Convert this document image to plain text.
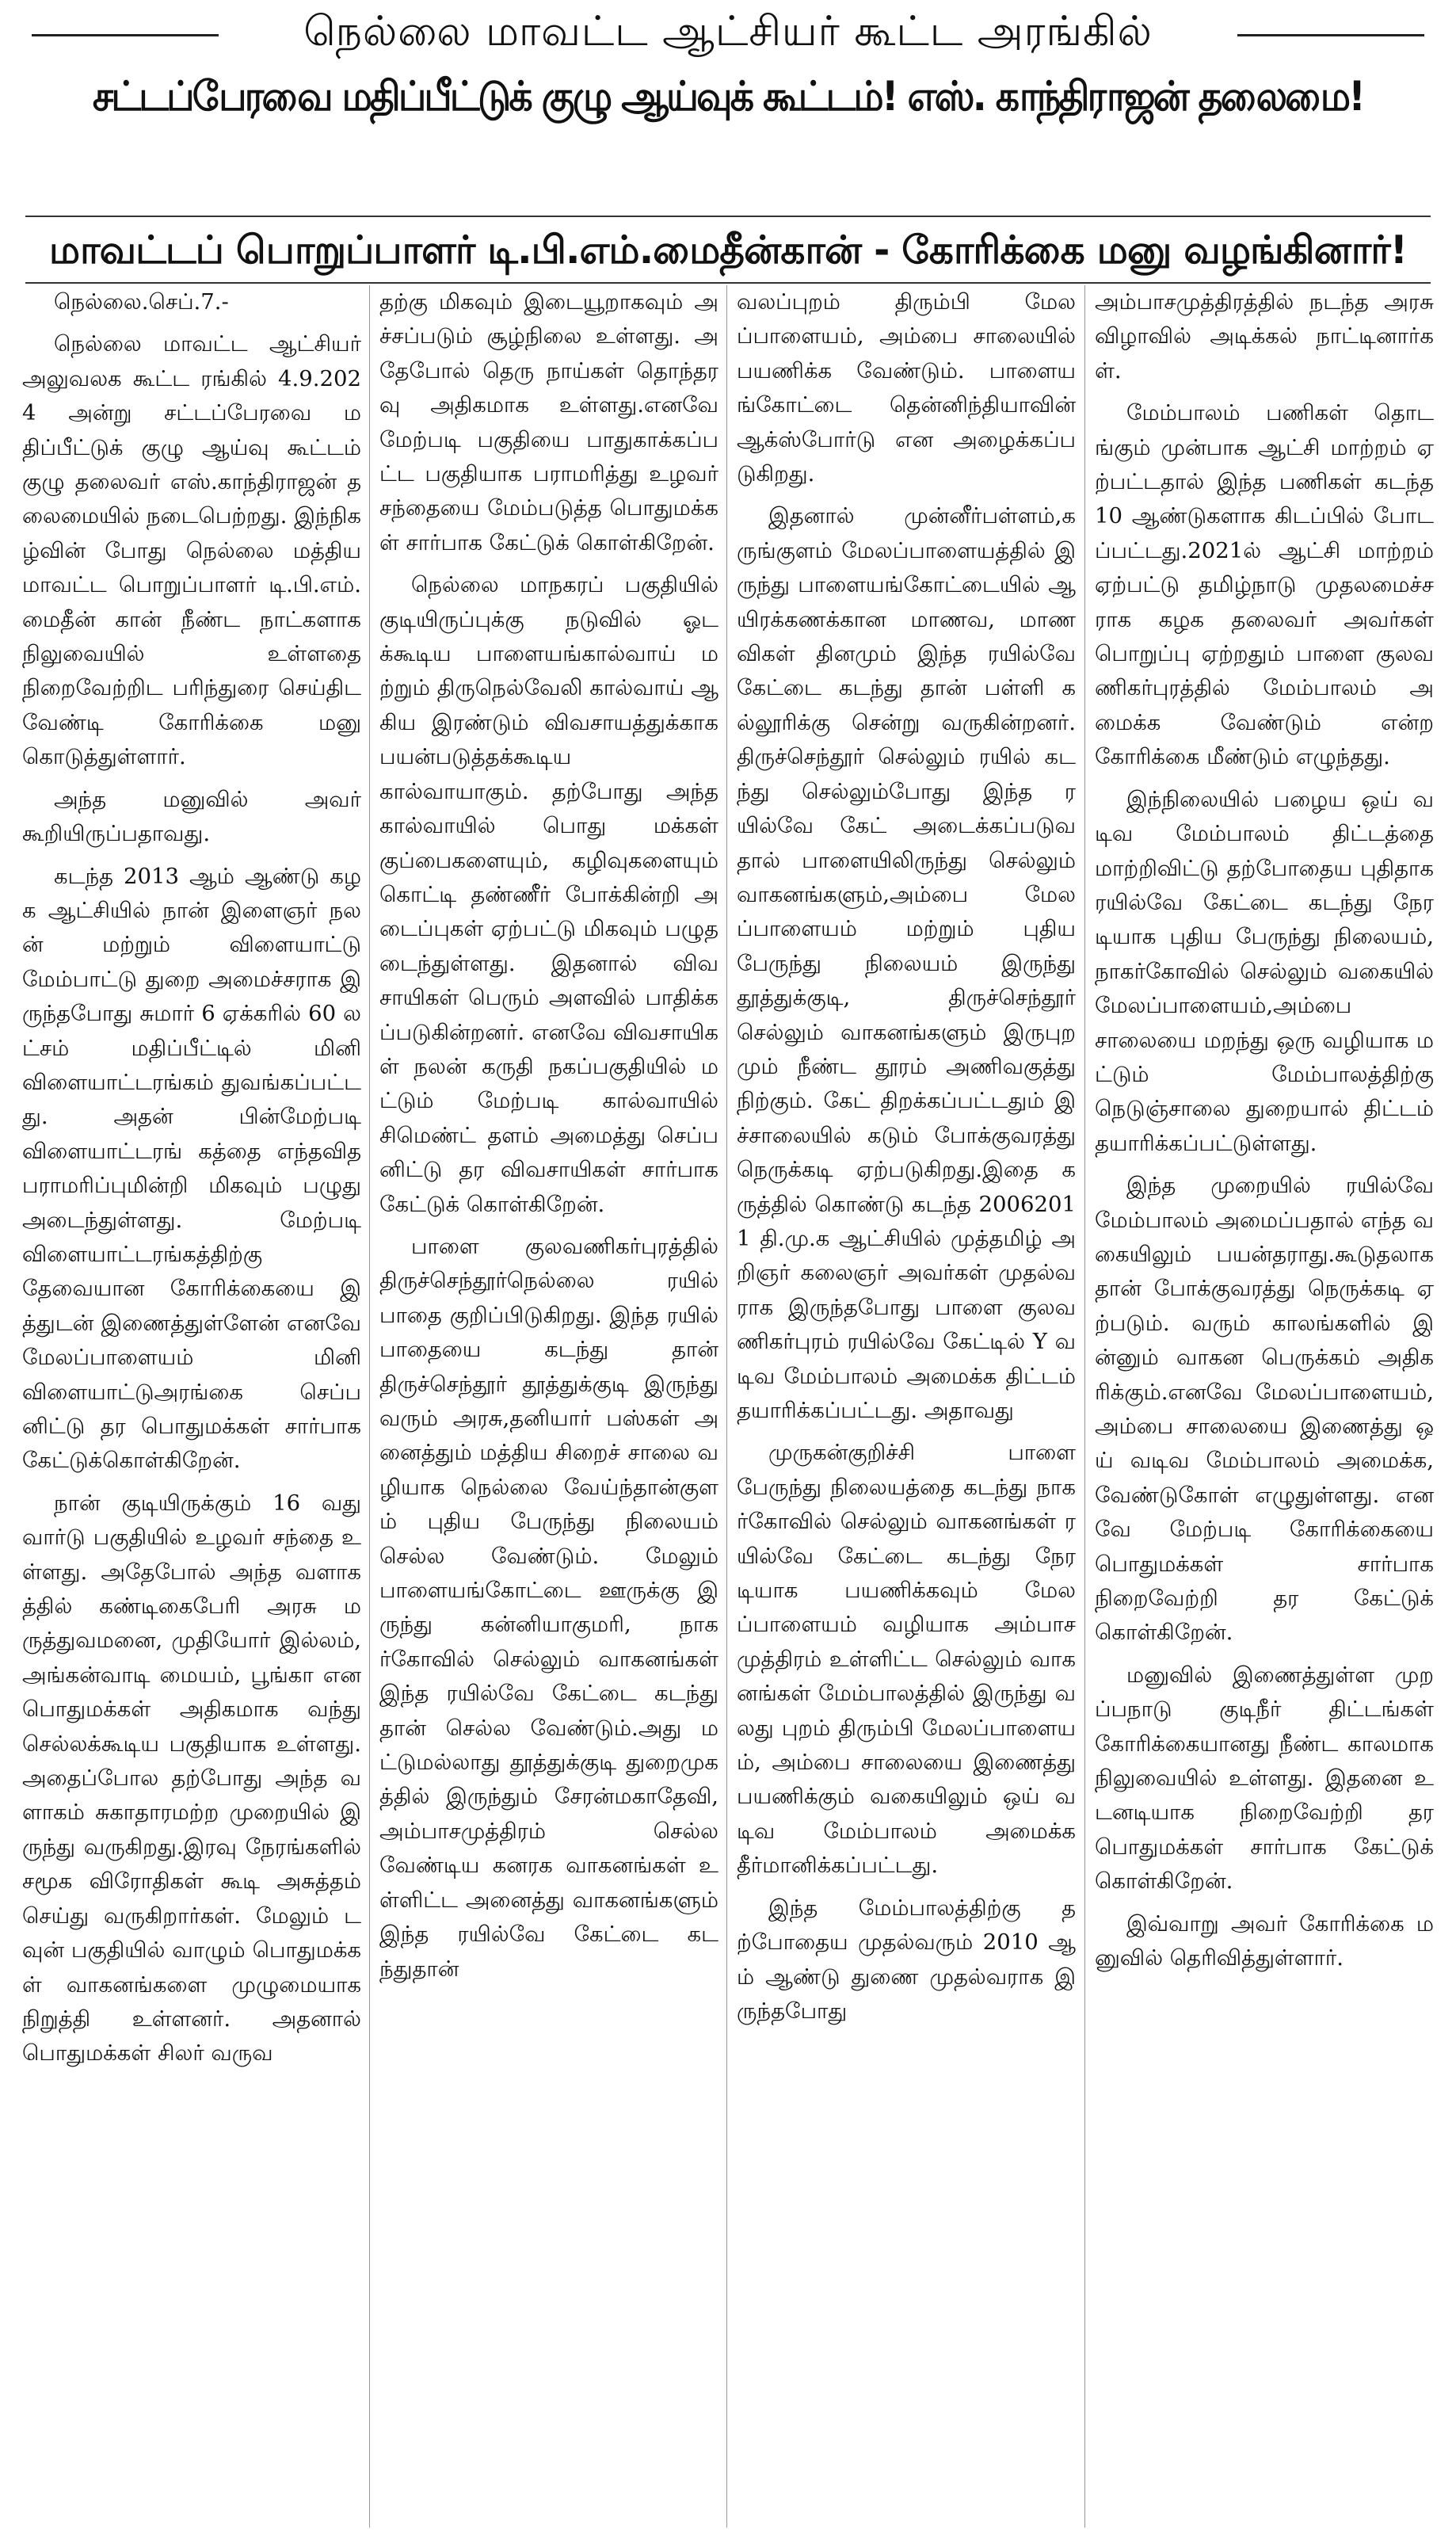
நெல்லை மாவட்ட ஆட்சியர் கூட்ட அரங்கில்
சட்டப்பேரவை மதிப்பீட்டுக் குழு ஆய்வுக் கூட்டம்! எஸ். காந்திராஜன் தலைமை!
மாவட்டப் பொறுப்பாளர் டி.பி.எம்.மைதீன்கான் - கோரிக்கை மனு வழங்கினார்!

நெல்லை.செப்.7.-

நெல்லை மாவட்ட ஆட்சியர் அலுவலக கூட்ட ரங்கில் 4.9.2024 அன்று சட்டப்பேரவை மதிப்பீட்டுக் குழு ஆய்வு கூட்டம் குழு தலைவர் எஸ்.காந்திராஜன் தலைமையில் நடைபெற்றது. இந்நிகழ்வின் போது நெல்லை மத்திய மாவட்ட பொறுப்பாளர் டி.பி.எம். மைதீன் கான் நீண்ட நாட்களாக நிலுவையில் உள்ளதை நிறைவேற்றிட பரிந்துரை செய்திட வேண்டி கோரிக்கை மனு கொடுத்துள்ளார்.

அந்த மனுவில் அவர் கூறியிருப்பதாவது.

கடந்த 2013 ஆம் ஆண்டு கழக ஆட்சியில் நான் இளைஞர் நலன் மற்றும் விளையாட்டு மேம்பாட்டு துறை அமைச்சராக இருந்தபோது சுமார் 6 ஏக்கரில் 60 லட்சம் மதிப்பீட்டில் மினி விளையாட்டரங்கம் துவங்கப்பட்டது. அதன் பின்மேற்படி விளையாட்டரங் கத்தை எந்தவித பராமரிப்புமின்றி மிகவும் பழுது அடைந்துள்ளது. மேற்படி விளையாட்டரங்கத்திற்கு தேவையான கோரிக்கையை இத்துடன் இணைத்துள்ளேன் எனவே மேலப்பாளையம் மினி விளையாட்டுஅரங்கை செப்பனிட்டு தர பொதுமக்கள் சார்பாக கேட்டுக்கொள்கிறேன்.

நான் குடியிருக்கும் 16 வது வார்டு பகுதியில் உழவர் சந்தை உள்ளது. அதேபோல் அந்த வளாகத்தில் கண்டிகைபேரி அரசு மருத்துவமனை, முதியோர் இல்லம்,அங்கன்வாடி மையம், பூங்கா என பொதுமக்கள் அதிகமாக வந்து செல்லக்கூடிய பகுதியாக உள்ளது. அதைப்போல தற்போது அந்த வளாகம் சுகாதாரமற்ற முறையில் இருந்து வருகிறது.இரவு நேரங்களில் சமூக விரோதிகள் கூடி அசுத்தம் செய்து வருகிறார்கள். மேலும் டவுன் பகுதியில் வாழும் பொதுமக்கள் வாகனங்களை முழுமையாக நிறுத்தி உள்ளனர். அதனால் பொதுமக்கள் சிலர் வருவ

தற்கு மிகவும் இடையூறாகவும் அச்சப்படும் சூழ்நிலை உள்ளது. அதேபோல் தெரு நாய்கள் தொந்தரவு அதிகமாக உள்ளது.எனவே மேற்படி பகுதியை பாதுகாக்கப்பட்ட பகுதியாக பராமரித்து உழவர் சந்தையை மேம்படுத்த பொதுமக்கள் சார்பாக கேட்டுக் கொள்கிறேன்.

நெல்லை மாநகரப் பகுதியில் குடியிருப்புக்கு நடுவில் ஓடக்கூடிய பாளையங்கால்வாய் மற்றும் திருநெல்வேலி கால்வாய் ஆகிய இரண்டும் விவசாயத்துக்காக பயன்படுத்தக்கூடிய கால்வாயாகும். தற்போது அந்த கால்வாயில் பொது மக்கள் குப்பைகளையும், கழிவுகளையும் கொட்டி தண்ணீர் போக்கின்றி அடைப்புகள் ஏற்பட்டு மிகவும் பழுதடைந்துள்ளது. இதனால் விவசாயிகள் பெரும் அளவில் பாதிக்கப்படுகின்றனர். எனவே விவசாயிகள் நலன் கருதி நகப்பகுதியில் மட்டும் மேற்படி கால்வாயில் சிமெண்ட் தளம் அமைத்து செப்பனிட்டு தர விவசாயிகள் சார்பாக கேட்டுக் கொள்கிறேன்.

பாளை குலவணிகர்புரத்தில் திருச்செந்தூர்நெல்லை ரயில் பாதை குறிப்பிடுகிறது. இந்த ரயில் பாதையை கடந்து தான் திருச்செந்தூர் தூத்துக்குடி இருந்து வரும் அரசு,தனியார் பஸ்கள் அனைத்தும் மத்திய சிறைச் சாலை வழியாக நெல்லை வேய்ந்தான்குளம் புதிய பேருந்து நிலையம் செல்ல வேண்டும். மேலும் பாளையங்கோட்டை ஊருக்கு இருந்து கன்னியாகுமரி, நாகர்கோவில் செல்லும் வாகனங்கள் இந்த ரயில்வே கேட்டை கடந்து தான் செல்ல வேண்டும்.அது மட்டுமல்லாது தூத்துக்குடி துறைமுகத்தில் இருந்தும் சேரன்மகாதேவி, அம்பாசமுத்திரம் செல்ல வேண்டிய கனரக வாகனங்கள் உள்ளிட்ட அனைத்து வாகனங்களும் இந்த ரயில்வே கேட்டை கடந்துதான்

வலப்புறம் திரும்பி மேலப்பாளையம், அம்பை சாலையில் பயணிக்க வேண்டும். பாளையங்கோட்டை தென்னிந்தியாவின் ஆக்ஸ்போர்டு என அழைக்கப்படுகிறது.

இதனால் முன்னீர்பள்ளம்,கருங்குளம் மேலப்பாளையத்தில் இருந்து பாளையங்கோட்டையில் ஆயிரக்கணக்கான மாணவ, மாணவிகள் தினமும் இந்த ரயில்வே கேட்டை கடந்து தான் பள்ளி கல்லூரிக்கு சென்று வருகின்றனர். திருச்செந்தூர் செல்லும் ரயில் கடந்து செல்லும்போது இந்த ரயில்வே கேட் அடைக்கப்படுவதால் பாளையிலிருந்து செல்லும் வாகனங்களும்,அம்பை மேலப்பாளையம் மற்றும் புதிய பேருந்து நிலையம் இருந்து தூத்துக்குடி, திருச்செந்தூர் செல்லும் வாகனங்களும் இருபுறமும் நீண்ட தூரம் அணிவகுத்து நிற்கும். கேட் திறக்கப்பட்டதும் இச்சாலையில் கடும் போக்குவரத்து நெருக்கடி ஏற்படுகிறது.இதை கருத்தில் கொண்டு கடந்த 20062011 தி.மு.க ஆட்சியில் முத்தமிழ் அறிஞர் கலைஞர் அவர்கள் முதல்வராக இருந்தபோது பாளை குலவணிகர்புரம் ரயில்வே கேட்டில் Y வடிவ மேம்பாலம் அமைக்க திட்டம் தயாரிக்கப்பட்டது. அதாவது

முருகன்குறிச்சி பாளை பேருந்து நிலையத்தை கடந்து நாகர்கோவில் செல்லும் வாகனங்கள் ரயில்வே கேட்டை கடந்து நேரடியாக பயணிக்கவும் மேலப்பாளையம் வழியாக அம்பாசமுத்திரம் உள்ளிட்ட செல்லும் வாகனங்கள் மேம்பாலத்தில் இருந்து வலது புறம் திரும்பி மேலப்பாளையம், அம்பை சாலையை இணைத்து பயணிக்கும் வகையிலும் ஒய் வடிவ மேம்பாலம் அமைக்க தீர்மானிக்கப்பட்டது.

இந்த மேம்பாலத்திற்கு தற்போதைய முதல்வரும் 2010 ஆம் ஆண்டு துணை முதல்வராக இருந்தபோது

அம்பாசமுத்திரத்தில் நடந்த அரசு விழாவில் அடிக்கல் நாட்டினார்கள்.

மேம்பாலம் பணிகள் தொடங்கும் முன்பாக ஆட்சி மாற்றம் ஏற்பட்டதால் இந்த பணிகள் கடந்த 10 ஆண்டுகளாக கிடப்பில் போடப்பட்டது.2021ல் ஆட்சி மாற்றம் ஏற்பட்டு தமிழ்நாடு முதலமைச்சராக கழக தலைவர் அவர்கள் பொறுப்பு ஏற்றதும் பாளை குலவணிகர்புரத்தில் மேம்பாலம் அமைக்க வேண்டும் என்ற கோரிக்கை மீண்டும் எழுந்தது.

இந்நிலையில் பழைய ஒய் வடிவ மேம்பாலம் திட்டத்தை மாற்றிவிட்டு தற்போதைய புதிதாக ரயில்வே கேட்டை கடந்து நேரடியாக புதிய பேருந்து நிலையம்,நாகர்கோவில் செல்லும் வகையில் மேலப்பாளையம்,அம்பை சாலையை மறந்து ஒரு வழியாக மட்டும் மேம்பாலத்திற்கு நெடுஞ்சாலை துறையால் திட்டம் தயாரிக்கப்பட்டுள்ளது.

இந்த முறையில் ரயில்வே மேம்பாலம் அமைப்பதால் எந்த வகையிலும் பயன்தராது.கூடுதலாக தான் போக்குவரத்து நெருக்கடி ஏற்படும். வரும் காலங்களில் இன்னும் வாகன பெருக்கம் அதிகரிக்கும்.எனவே மேலப்பாளையம், அம்பை சாலையை இணைத்து ஒய் வடிவ மேம்பாலம் அமைக்க, வேண்டுகோள் எழுதுள்ளது. எனவே மேற்படி கோரிக்கையை பொதுமக்கள் சார்பாக நிறைவேற்றி தர கேட்டுக் கொள்கிறேன்.

மனுவில் இணைத்துள்ள முறப்பநாடு குடிநீர் திட்டங்கள் கோரிக்கையானது நீண்ட காலமாக நிலுவையில் உள்ளது. இதனை உடனடியாக நிறைவேற்றி தர பொதுமக்கள் சார்பாக கேட்டுக் கொள்கிறேன்.

இவ்வாறு அவர் கோரிக்கை மனுவில் தெரிவித்துள்ளார்.
